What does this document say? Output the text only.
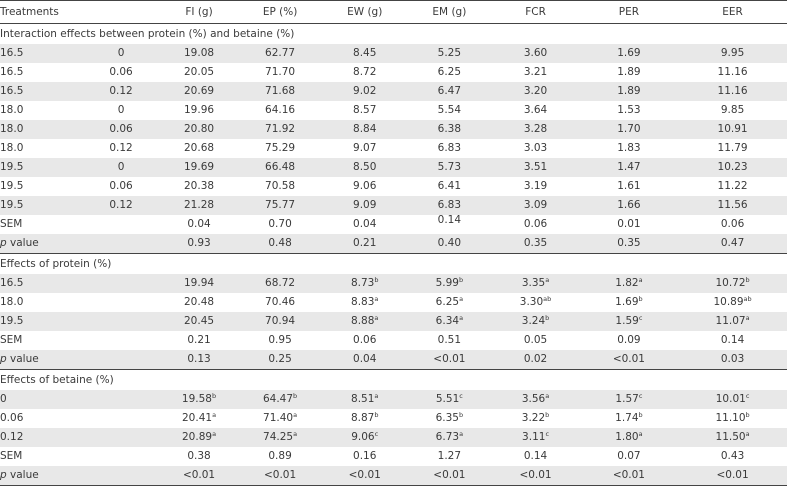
Treatments		FI (g)	EP (%)	EW (g)	EM (g)	FCR	PER	EER
Interaction effects between protein (%) and betaine (%)								
16.5	0	19.08	62.77	8.45	5.25	3.60	1.69	9.95
16.5	0.06	20.05	71.70	8.72	6.25	3.21	1.89	11.16
16.5	0.12	20.69	71.68	9.02	6.47	3.20	1.89	11.16
18.0	0	19.96	64.16	8.57	5.54	3.64	1.53	9.85
18.0	0.06	20.80	71.92	8.84	6.38	3.28	1.70	10.91
18.0	0.12	20.68	75.29	9.07	6.83	3.03	1.83	11.79
19.5	0	19.69	66.48	8.50	5.73	3.51	1.47	10.23
19.5	0.06	20.38	70.58	9.06	6.41	3.19	1.61	11.22
19.5	0.12	21.28	75.77	9.09	6.83	3.09	1.66	11.56
SEM		0.04	0.70	0.04	0.14	0.06	0.01	0.06
p value		0.93	0.48	0.21	0.40	0.35	0.35	0.47
Effects of protein (%)								
16.5		19.94	68.72	8.73$^b$	5.99$^b$	3.35$^a$	1.82$^a$	10.72$^b$
18.0		20.48	70.46	8.83$^a$	6.25$^a$	3.30$^{ab}$	1.69$^b$	10.89$^{ab}$
19.5		20.45	70.94	8.88$^a$	6.34$^a$	3.24$^b$	1.59$^c$	11.07$^a$
SEM		0.21	0.95	0.06	0.51	0.05	0.09	0.14
p value		0.13	0.25	0.04	<0.01	0.02	<0.01	0.03
Effects of betaine (%)								
0		19.58$^b$	64.47$^b$	8.51$^a$	5.51$^c$	3.56$^a$	1.57$^c$	10.01$^c$
0.06		20.41$^a$	71.40$^a$	8.87$^b$	6.35$^b$	3.22$^b$	1.74$^b$	11.10$^b$
0.12		20.89$^a$	74.25$^a$	9.06$^c$	6.73$^a$	3.11$^c$	1.80$^a$	11.50$^a$
SEM		0.38	0.89	0.16	1.27	0.14	0.07	0.43
p value		<0.01	<0.01	<0.01	<0.01	<0.01	<0.01	<0.01
